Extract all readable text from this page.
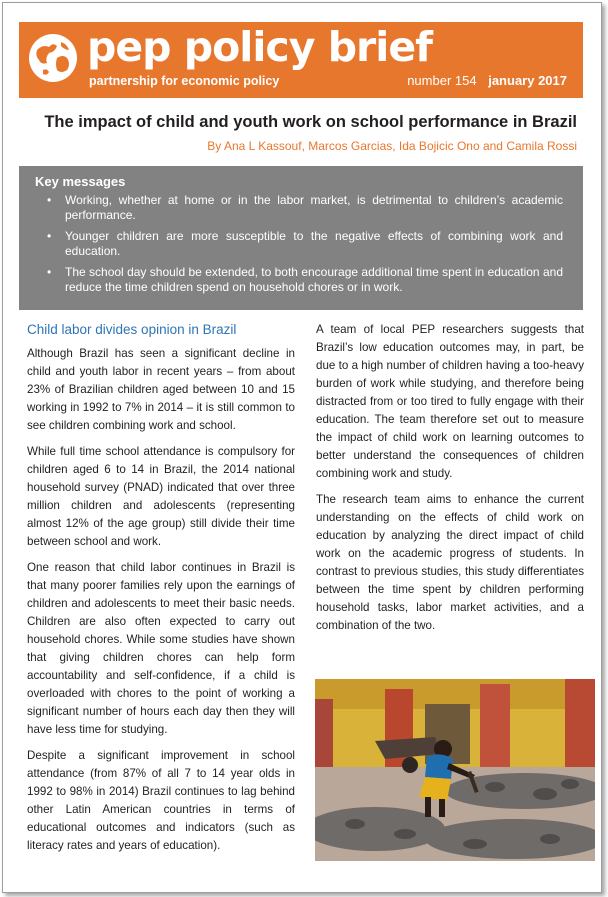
pep policy brief
partnership for economic policy	number 154 january 2017
The impact of child and youth work on school performance in Brazil
By Ana L Kassouf, Marcos Garcias, Ida Bojicic Ono and Camila Rossi
Key messages
• Working, whether at home or in the labor market, is detrimental to children’s academic performance.
• Younger children are more susceptible to the negative effects of combining work and education.
• The school day should be extended, to both encourage additional time spent in education and reduce the time children spend on household chores or in work.
Child labor divides opinion in Brazil

Although Brazil has seen a significant decline in child and youth labor in recent years – from about 23% of Brazilian children aged between 10 and 15 working in 1992 to 7% in 2014 – it is still common to see children combining work and school.

While full time school attendance is compulsory for children aged 6 to 14 in Brazil, the 2014 national household survey (PNAD) indicated that over three million children and adolescents (representing almost 12% of the age group) still divide their time between school and work.

One reason that child labor continues in Brazil is that many poorer families rely upon the earnings of children and adolescents to meet their basic needs. Children are also often expected to carry out household chores. While some studies have shown that giving children chores can help form accountability and self-confidence, if a child is overloaded with chores to the point of working a significant number of hours each day then they will have less time for studying.

Despite a significant improvement in school attendance (from 87% of all 7 to 14 year olds in 1992 to 98% in 2014) Brazil continues to lag behind other Latin American countries in terms of educational outcomes and indicators (such as literacy rates and years of education).

A team of local PEP researchers suggests that Brazil’s low education outcomes may, in part, be due to a high number of children having a too-heavy burden of work while studying, and therefore being distracted from or too tired to fully engage with their education. The team therefore set out to measure the impact of child work on learning outcomes to better understand the consequences of children combining work and study.

The research team aims to enhance the current understanding on the effects of child work on education by analyzing the direct impact of child work on the academic progress of students. In contrast to previous studies, this study differentiates between the time spent by children performing household tasks, labor market activities, and a combination of the two.
